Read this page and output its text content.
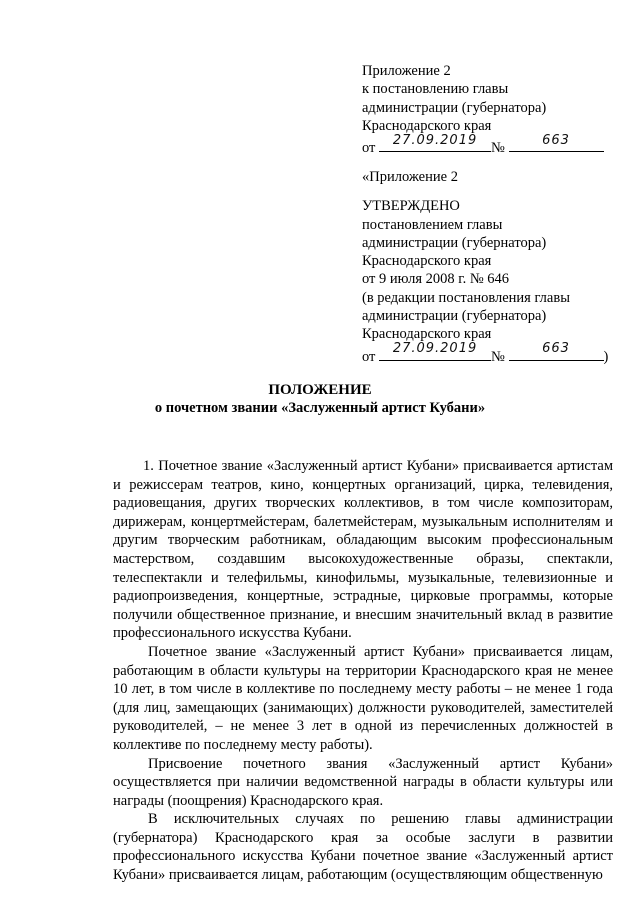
Приложение 2
к постановлению главы
администрации (губернатора)
Краснодарского края
от	27.09.2019 №	663
«Приложение 2
УТВЕРЖДЕНО
постановлением главы
администрации (губернатора)
Краснодарского края
от 9 июля 2008 г. № 646
(в редакции постановления главы
администрации (губернатора)
Краснодарского края
от	27.09.2019 №	663	)
ПОЛОЖЕНИЕ
о почетном звании «Заслуженный артист Кубани»

1. Почетное звание «Заслуженный артист Кубани» присваивается артистам и режиссерам театров, кино, концертных организаций, цирка, телевидения, радиовещания, других творческих коллективов, в том числе композиторам, дирижерам, концертмейстерам, балетмейстерам, музыкальным исполнителям и другим творческим работникам, обладающим высоким профессиональным мастерством, создавшим высокохудожественные образы, спектакли, телеспектакли и телефильмы, кинофильмы, музыкальные, телевизионные и радиопроизведения, концертные, эстрадные, цирковые программы, которые получили общественное признание, и внесшим значительный вклад в развитие профессионального искусства Кубани.

Почетное звание «Заслуженный артист Кубани» присваивается лицам, работающим в области культуры на территории Краснодарского края не менее 10 лет, в том числе в коллективе по последнему месту работы – не менее 1 года (для лиц, замещающих (занимающих) должности руководителей, заместителей руководителей, – не менее 3 лет в одной из перечисленных должностей в коллективе по последнему месту работы).

Присвоение почетного звания «Заслуженный артист Кубани» осуществляется при наличии ведомственной награды в области культуры или награды (поощрения) Краснодарского края.

В исключительных случаях по решению главы администрации (губернатора) Краснодарского края за особые заслуги в развитии профессионального искусства Кубани почетное звание «Заслуженный артист Кубани» присваивается лицам, работающим (осуществляющим общественную
